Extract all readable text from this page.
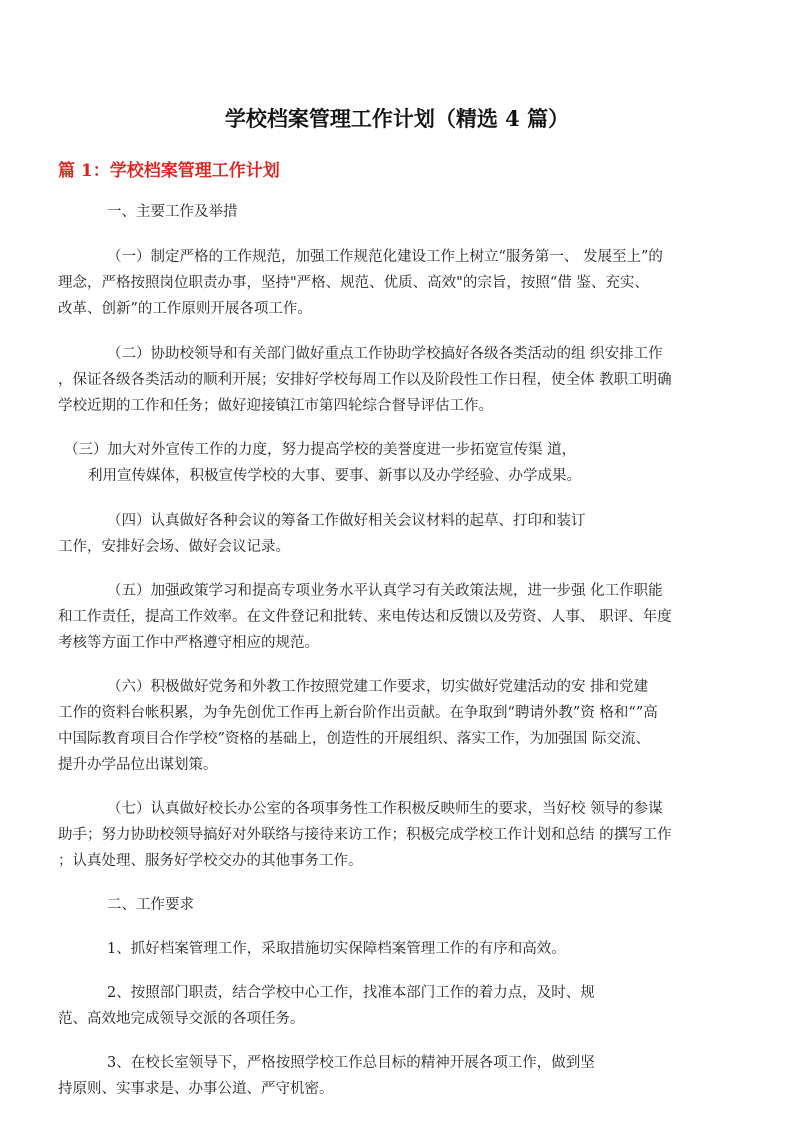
学校档案管理工作计划（精选 4 篇）
篇 1：学校档案管理工作计划
一、主要工作及举措
（一）制定严格的工作规范，加强工作规范化建设工作上树立“服务第一、 发展至上”的
理念，严格按照岗位职责办事，坚持"严格、规范、优质、高效"的宗旨，按照“借 鉴、充实、
改革、创新”的工作原则开展各项工作。
（二）协助校领导和有关部门做好重点工作协助学校搞好各级各类活动的组 织安排工作
，保证各级各类活动的顺利开展；安排好学校每周工作以及阶段性工作日程，使全体 教职工明确
学校近期的工作和任务；做好迎接镇江市第四轮综合督导评估工作。
（三）加大对外宣传工作的力度，努力提高学校的美誉度进一步拓宽宣传渠 道，
利用宣传媒体，积极宣传学校的大事、要事、新事以及办学经验、办学成果。
（四）认真做好各种会议的筹备工作做好相关会议材料的起草、打印和装订
工作，安排好会场、做好会议记录。
（五）加强政策学习和提高专项业务水平认真学习有关政策法规，进一步强 化工作职能
和工作责任，提高工作效率。在文件登记和批转、来电传达和反馈以及劳资、人事、 职评、年度
考核等方面工作中严格遵守相应的规范。
（六）积极做好党务和外教工作按照党建工作要求，切实做好党建活动的安 排和党建
工作的资料台帐积累，为争先创优工作再上新台阶作出贡献。在争取到“聘请外教”资 格和“”高
中国际教育项目合作学校”资格的基础上，创造性的开展组织、落实工作，为加强国 际交流、
提升办学品位出谋划策。
（七）认真做好校长办公室的各项事务性工作积极反映师生的要求，当好校 领导的参谋
助手；努力协助校领导搞好对外联络与接待来访工作；积极完成学校工作计划和总结 的撰写工作
；认真处理、服务好学校交办的其他事务工作。
二、工作要求
1、抓好档案管理工作，采取措施切实保障档案管理工作的有序和高效。
2、按照部门职责，结合学校中心工作，找准本部门工作的着力点，及时、规
范、高效地完成领导交派的各项任务。
3、在校长室领导下，严格按照学校工作总目标的精神开展各项工作，做到坚
持原则、实事求是、办事公道、严守机密。
